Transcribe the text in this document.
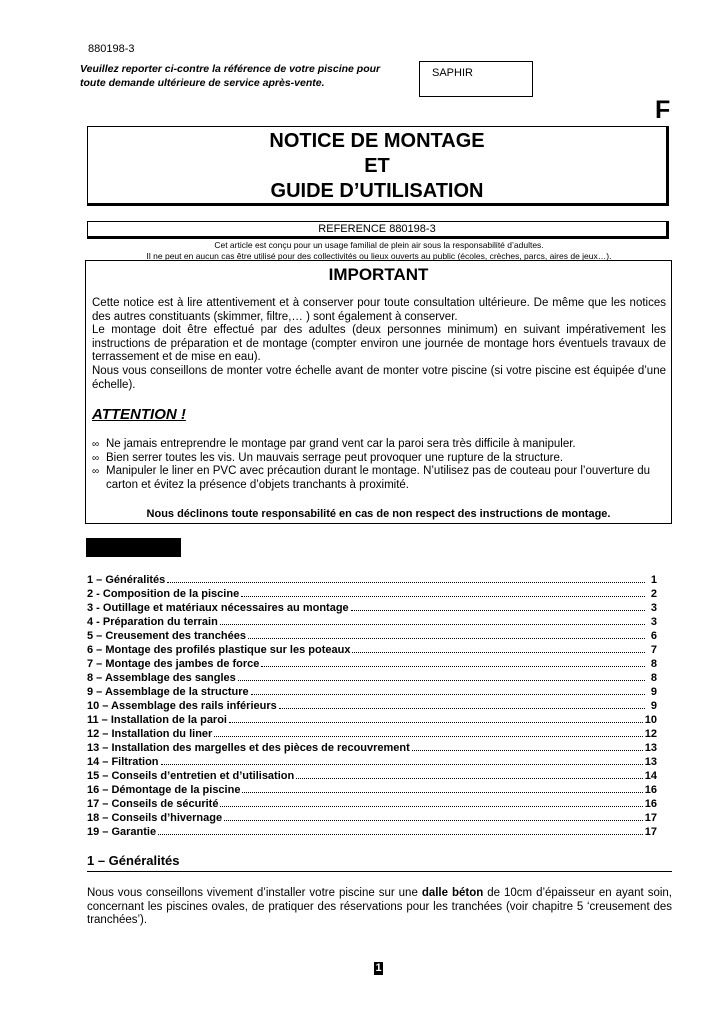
880198-3
Veuillez reporter ci-contre la référence de votre piscine pour
toute demande ultérieure de service après-vente.
SAPHIR
F
NOTICE DE MONTAGE
ET
GUIDE D’UTILISATION
REFERENCE 880198-3
Cet article est conçu pour un usage familial de plein air sous la responsabilité d’adultes.
Il ne peut en aucun cas être utilisé pour des collectivités ou lieux ouverts au public (écoles, crèches, parcs, aires de jeux…).
IMPORTANT

Cette notice est à lire attentivement et à conserver pour toute consultation ultérieure. De même que les notices des autres constituants (skimmer, filtre,… ) sont également à conserver.

Le montage doit être effectué par des adultes (deux personnes minimum) en suivant impérativement les instructions de préparation et de montage (compter environ une journée de montage hors éventuels travaux de terrassement et de mise en eau).

Nous vous conseillons de monter votre échelle avant de monter votre piscine (si votre piscine est équipée d’une échelle).

ATTENTION !
∞ Ne jamais entreprendre le montage par grand vent car la paroi sera très difficile à manipuler.
∞ Bien serrer toutes les vis. Un mauvais serrage peut provoquer une rupture de la structure.
∞ Manipuler le liner en PVC avec précaution durant le montage. N’utilisez pas de couteau pour l’ouverture du carton et évitez la présence d’objets tranchants à proximité.
Nous déclinons toute responsabilité en cas de non respect des instructions de montage.
1 – Généralités	1
2 - Composition de la piscine	2
3 - Outillage et matériaux nécessaires au montage	3
4 - Préparation du terrain	3
5 – Creusement des tranchées	6
6 – Montage des profilés plastique sur les poteaux	7
7 – Montage des jambes de force	8
8 – Assemblage des sangles	8
9 – Assemblage de la structure	9
10 – Assemblage des rails inférieurs	9
11 – Installation de la paroi	10
12 – Installation du liner	12
13 – Installation des margelles et des pièces de recouvrement	13
14 – Filtration	13
15 – Conseils d’entretien et d’utilisation	14
16 – Démontage de la piscine	16
17 – Conseils de sécurité	16
18 – Conseils d’hivernage	17
19 – Garantie	17
1 – Généralités
Nous vous conseillons vivement d’installer votre piscine sur une dalle béton de 10cm d’épaisseur en ayant soin, concernant les piscines ovales, de pratiquer des réservations pour les tranchées (voir chapitre 5 ‘creusement des tranchées’).
1
